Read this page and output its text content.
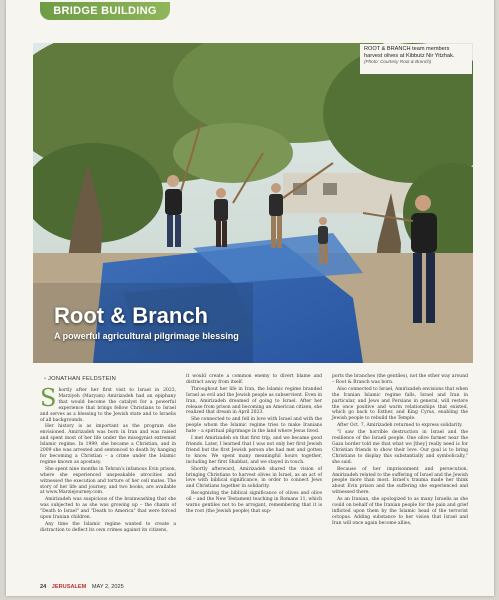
BRIDGE BUILDING

ROOT & BRANCH team members harvest olives at Kibbutz Nir Yitzhak.

(Photo: Courtesy Root & Branch)

Root & Branch

A powerful agricultural pilgrimage blessing

• JONATHAN FELDSTEIN

Shortly after her first visit to Israel in 2023, Marziyeh (Maryam) Amirizadeh had an epiphany that would become the catalyst for a powerful experience that brings fellow Christians to Israel and serves as a blessing to the Jewish state and to Israelis of all backgrounds.

Her history is as important as the program she envisioned. Amirizadeh was born in Iran and was raised and spent most of her life under the misogynist extremist Islamic regime. In 1999, she became a Christian, and in 2009 she was arrested and sentenced to death by hanging for becoming a Christian – a crime under the Islamic regime known as apostasy.

She spent nine months in Tehran's infamous Evin prison, where she experienced unspeakable atrocities and witnessed the execution and torture of her cell mates. The story of her life and journey, and two books, are available at www.Marziejourney.com.

Amirizadeh was suspicious of the brainwashing that she was subjected to as she was growing up – the chants of "Death to Israel" and "Death to America" that were forced upon Iranian children.

Any time the Islamic regime wanted to create a distraction to deflect its own crimes against its citizens,

it would create a common enemy to divert blame and distract away from itself.

Throughout her life in Iran, the Islamic regime branded Israel as evil and the Jewish people as subservient. Even in Iran, Amirizadeh dreamed of going to Israel. After her release from prison and becoming an American citizen, she realized that dream in April 2023.

She connected to and fell in love with Israel and with the people whom the Islamic regime tries to make Iranians hate – a spiritual pilgrimage in the land where Jesus lived.

I met Amirizadeh on that first trip, and we became good friends. Later, I learned that I was not only her first Jewish friend but the first Jewish person she had met and gotten to know. We spent many meaningful hours together, including her first Shabbat, and we stayed in touch.

Shortly afterward, Amirizadeh shared the vision of bringing Christians to harvest olives in Israel, as an act of love with biblical significance, in order to connect Jews and Christians together in solidarity.

Recognizing the biblical significance of olives and olive oil – and the New Testament teaching in Romans 11, which warns gentiles not to be arrogant, remembering that it is the root (the Jewish people) that sup-

ports the branches (the gentiles), not the other way around – Root & Branch was born.

Also connected to Israel, Amirizadeh envisions that when the Iranian Islamic regime falls, Israel and Iran in particular, and Jews and Persians in general, will restore the once positive and warm relationships that existed, which go back to Esther, and King Cyrus, enabling the Jewish people to rebuild the Temple.

After Oct. 7, Amirizadeh returned to express solidarity.

"I saw the horrible destruction in Israel and the resilience of the Israeli people. One olive farmer near the Gaza border told me that what we [they] really need is for Christian friends to show their love. Our goal is to bring Christians to display this substantially and symbolically," she said.

Because of her imprisonment and persecution, Amirizadeh related to the suffering of Israel and the Jewish people more than most. Israel's trauma made her think about Evin prison and the suffering she experienced and witnessed there.

As an Iranian, she apologized to as many Israelis as she could on behalf of the Iranian people for the pain and grief inflicted upon them by the Islamic head of the terrorist octopus. Adding substance to her vision that Israel and Iran will once again become allies,

24 JERUSALEM MAY 2, 2025
